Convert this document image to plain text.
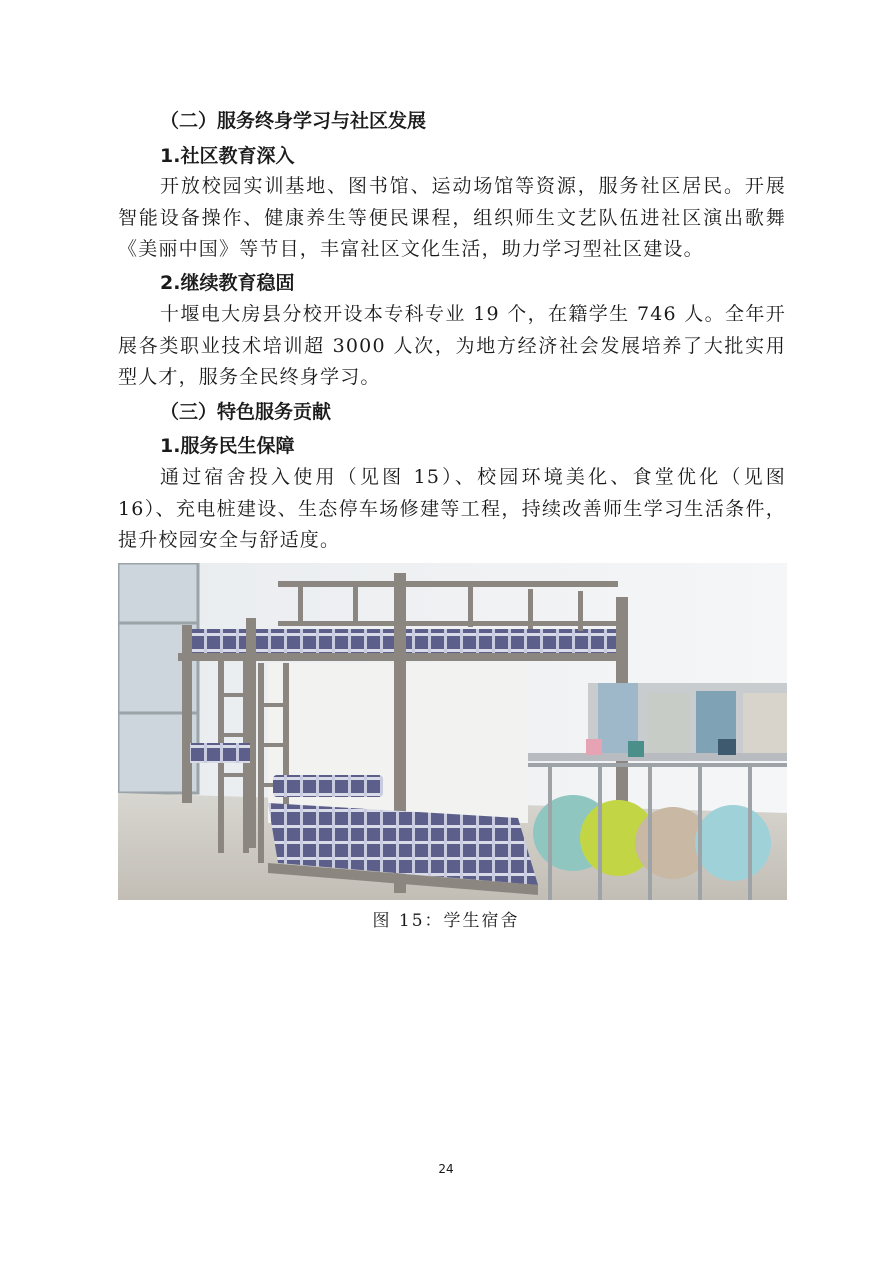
（二）服务终身学习与社区发展
1.社区教育深入

开放校园实训基地、图书馆、运动场馆等资源，服务社区居民。开展智能设备操作、健康养生等便民课程，组织师生文艺队伍进社区演出歌舞《美丽中国》等节目，丰富社区文化生活，助力学习型社区建设。

2.继续教育稳固

十堰电大房县分校开设本专科专业 19 个，在籍学生 746 人。全年开展各类职业技术培训超 3000 人次，为地方经济社会发展培养了大批实用型人才，服务全民终身学习。

（三）特色服务贡献
1.服务民生保障

通过宿舍投入使用（见图 15）、校园环境美化、食堂优化（见图 16）、充电桩建设、生态停车场修建等工程，持续改善师生学习生活条件，提升校园安全与舒适度。

图 15：学生宿舍
24
